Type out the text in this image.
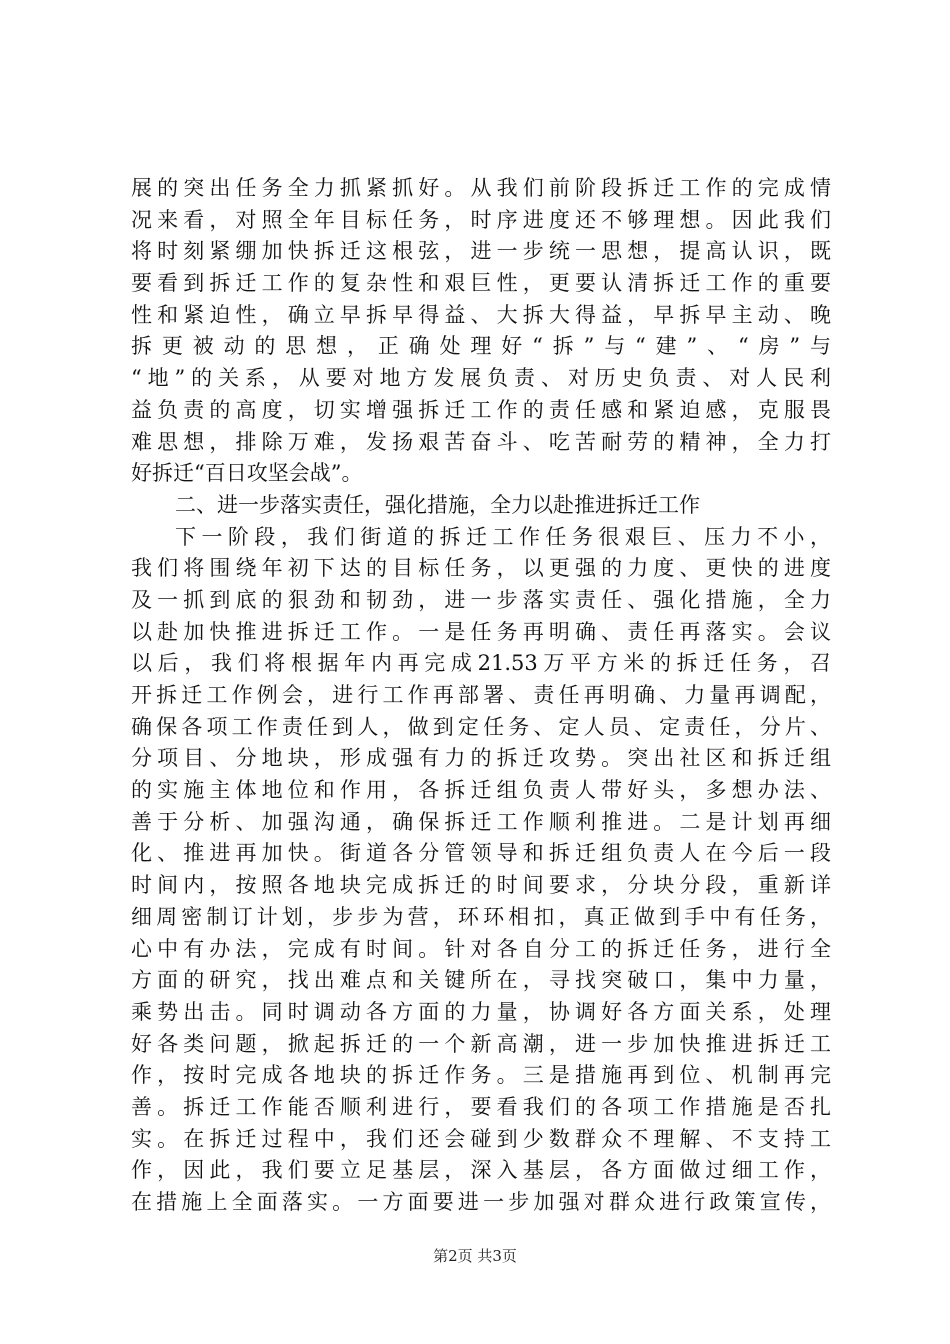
展的突出任务全力抓紧抓好。从我们前阶段拆迁工作的完成情
况来看，对照全年目标任务，时序进度还不够理想。因此我们
将时刻紧绷加快拆迁这根弦，进一步统一思想，提高认识，既
要看到拆迁工作的复杂性和艰巨性，更要认清拆迁工作的重要
性和紧迫性，确立早拆早得益、大拆大得益，早拆早主动、晚
拆更被动的思想，正确处理好“拆”与“建”、“房”与
“地”的关系，从要对地方发展负责、对历史负责、对人民利
益负责的高度，切实增强拆迁工作的责任感和紧迫感，克服畏
难思想，排除万难，发扬艰苦奋斗、吃苦耐劳的精神，全力打
好拆迁“百日攻坚会战”。
二、进一步落实责任，强化措施，全力以赴推进拆迁工作
下一阶段，我们街道的拆迁工作任务很艰巨、压力不小，
我们将围绕年初下达的目标任务，以更强的力度、更快的进度
及一抓到底的狠劲和韧劲，进一步落实责任、强化措施，全力
以赴加快推进拆迁工作。一是任务再明确、责任再落实。会议
以后，我们将根据年内再完成21.53万平方米的拆迁任务，召
开拆迁工作例会，进行工作再部署、责任再明确、力量再调配，
确保各项工作责任到人，做到定任务、定人员、定责任，分片、
分项目、分地块，形成强有力的拆迁攻势。突出社区和拆迁组
的实施主体地位和作用，各拆迁组负责人带好头，多想办法、
善于分析、加强沟通，确保拆迁工作顺利推进。二是计划再细
化、推进再加快。街道各分管领导和拆迁组负责人在今后一段
时间内，按照各地块完成拆迁的时间要求，分块分段，重新详
细周密制订计划，步步为营，环环相扣，真正做到手中有任务，
心中有办法，完成有时间。针对各自分工的拆迁任务，进行全
方面的研究，找出难点和关键所在，寻找突破口，集中力量，
乘势出击。同时调动各方面的力量，协调好各方面关系，处理
好各类问题，掀起拆迁的一个新高潮，进一步加快推进拆迁工
作，按时完成各地块的拆迁作务。三是措施再到位、机制再完
善。拆迁工作能否顺利进行，要看我们的各项工作措施是否扎
实。在拆迁过程中，我们还会碰到少数群众不理解、不支持工
作，因此，我们要立足基层，深入基层，各方面做过细工作，
在措施上全面落实。一方面要进一步加强对群众进行政策宣传，
第2页 共3页
